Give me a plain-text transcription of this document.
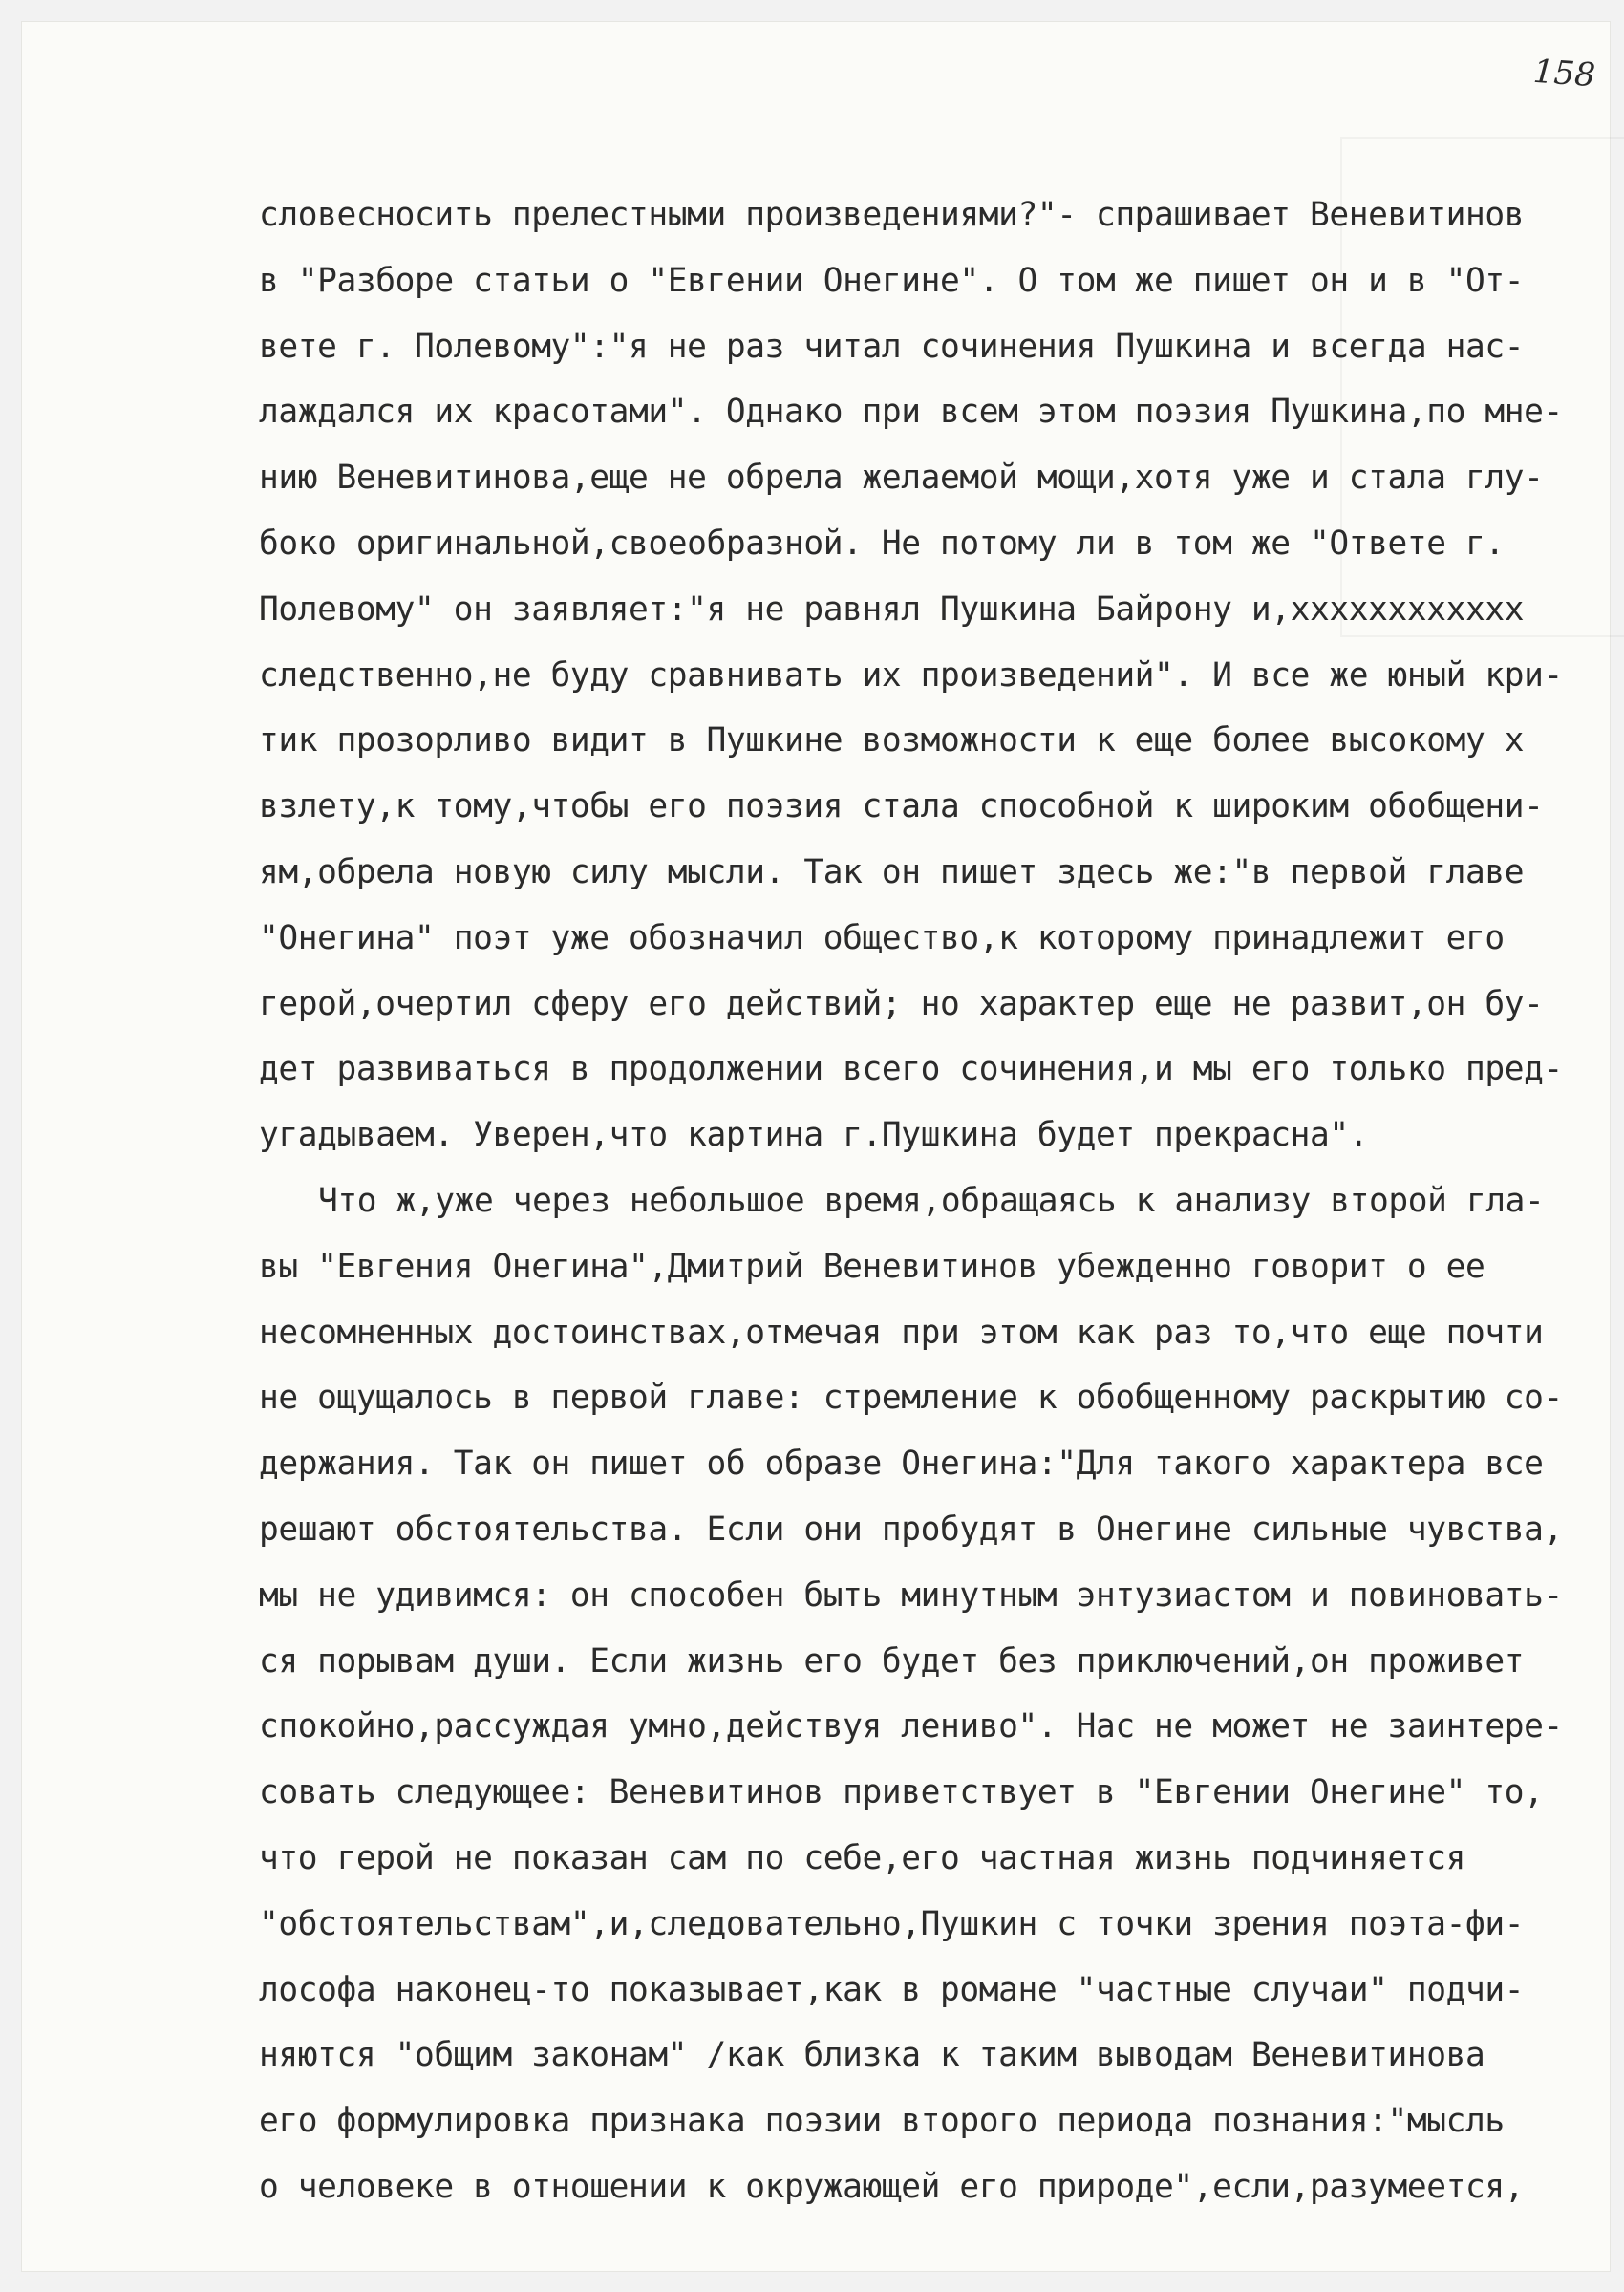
158
словесносить прелестными произведениями?"- спрашивает Веневитинов
в "Разборе статьи о "Евгении Онегине". О том же пишет он и в "От-
вете г. Полевому":"я не раз читал сочинения Пушкина и всегда нас-
лаждался их красотами". Однако при всем этом поэзия Пушкина,по мне-
нию Веневитинова,еще не обрела желаемой мощи,хотя уже и стала глу-
боко оригинальной,своеобразной. Не потому ли в том же "Ответе г.
Полевому" он заявляет:"я не равнял Пушкина Байрону и,хххххххххххх
следственно,не буду сравнивать их произведений". И все же юный кри-
тик прозорливо видит в Пушкине возможности к еще более высокому х
взлету,к тому,чтобы его поэзия стала способной к широким обобщени-
ям,обрела новую силу мысли. Так он пишет здесь же:"в первой главе
"Онегина" поэт уже обозначил общество,к которому принадлежит его
герой,очертил сферу его действий; но характер еще не развит,он бу-
дет развиваться в продолжении всего сочинения,и мы его только пред-
угадываем. Уверен,что картина г.Пушкина будет прекрасна".
Что ж,уже через небольшое время,обращаясь к анализу второй гла-
вы "Евгения Онегина",Дмитрий Веневитинов убежденно говорит о ее
несомненных достоинствах,отмечая при этом как раз то,что еще почти
не ощущалось в первой главе: стремление к обобщенному раскрытию со-
держания. Так он пишет об образе Онегина:"Для такого характера все
решают обстоятельства. Если они пробудят в Онегине сильные чувства,
мы не удивимся: он способен быть минутным энтузиастом и повиновать-
ся порывам души. Если жизнь его будет без приключений,он проживет
спокойно,рассуждая умно,действуя лениво". Нас не может не заинтере-
совать следующее: Веневитинов приветствует в "Евгении Онегине" то,
что герой не показан сам по себе,его частная жизнь подчиняется
"обстоятельствам",и,следовательно,Пушкин с точки зрения поэта-фи-
лософа наконец-то показывает,как в романе "частные случаи" подчи-
няются "общим законам" /как близка к таким выводам Веневитинова
его формулировка признака поэзии второго периода познания:"мысль
о человеке в отношении к окружающей его природе",если,разумеется,
